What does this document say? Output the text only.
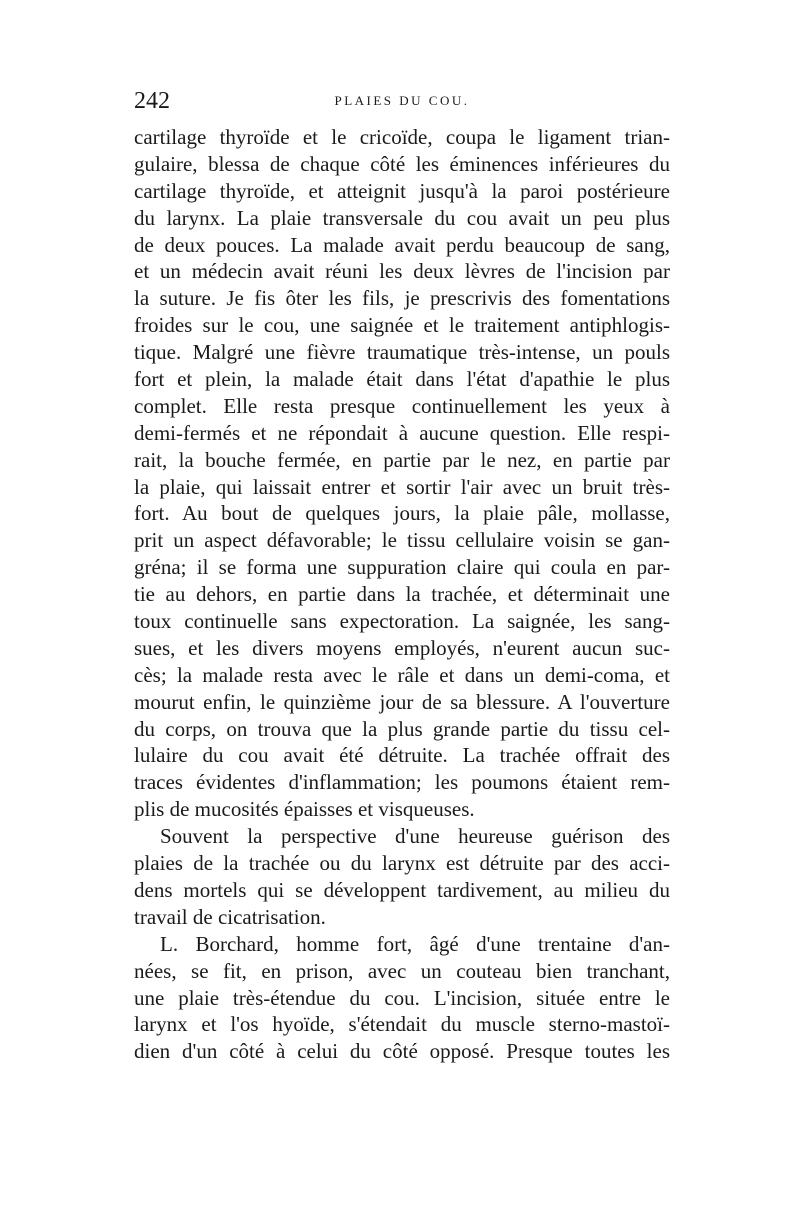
242	PLAIES DU COU.
cartilage thyroïde et le cricoïde, coupa le ligament trian-
gulaire, blessa de chaque côté les éminences inférieures du
cartilage thyroïde, et atteignit jusqu'à la paroi postérieure
du larynx. La plaie transversale du cou avait un peu plus
de deux pouces. La malade avait perdu beaucoup de sang,
et un médecin avait réuni les deux lèvres de l'incision par
la suture. Je fis ôter les fils, je prescrivis des fomentations
froides sur le cou, une saignée et le traitement antiphlogis-
tique. Malgré une fièvre traumatique très-intense, un pouls
fort et plein, la malade était dans l'état d'apathie le plus
complet. Elle resta presque continuellement les yeux à
demi-fermés et ne répondait à aucune question. Elle respi-
rait, la bouche fermée, en partie par le nez, en partie par
la plaie, qui laissait entrer et sortir l'air avec un bruit très-
fort. Au bout de quelques jours, la plaie pâle, mollasse,
prit un aspect défavorable; le tissu cellulaire voisin se gan-
gréna; il se forma une suppuration claire qui coula en par-
tie au dehors, en partie dans la trachée, et déterminait une
toux continuelle sans expectoration. La saignée, les sang-
sues, et les divers moyens employés, n'eurent aucun suc-
cès; la malade resta avec le râle et dans un demi-coma, et
mourut enfin, le quinzième jour de sa blessure. A l'ouverture
du corps, on trouva que la plus grande partie du tissu cel-
lulaire du cou avait été détruite. La trachée offrait des
traces évidentes d'inflammation; les poumons étaient rem-
plis de mucosités épaisses et visqueuses.
Souvent la perspective d'une heureuse guérison des
plaies de la trachée ou du larynx est détruite par des acci-
dens mortels qui se développent tardivement, au milieu du
travail de cicatrisation.
L. Borchard, homme fort, âgé d'une trentaine d'an-
nées, se fit, en prison, avec un couteau bien tranchant,
une plaie très-étendue du cou. L'incision, située entre le
larynx et l'os hyoïde, s'étendait du muscle sterno-mastoï-
dien d'un côté à celui du côté opposé. Presque toutes les
